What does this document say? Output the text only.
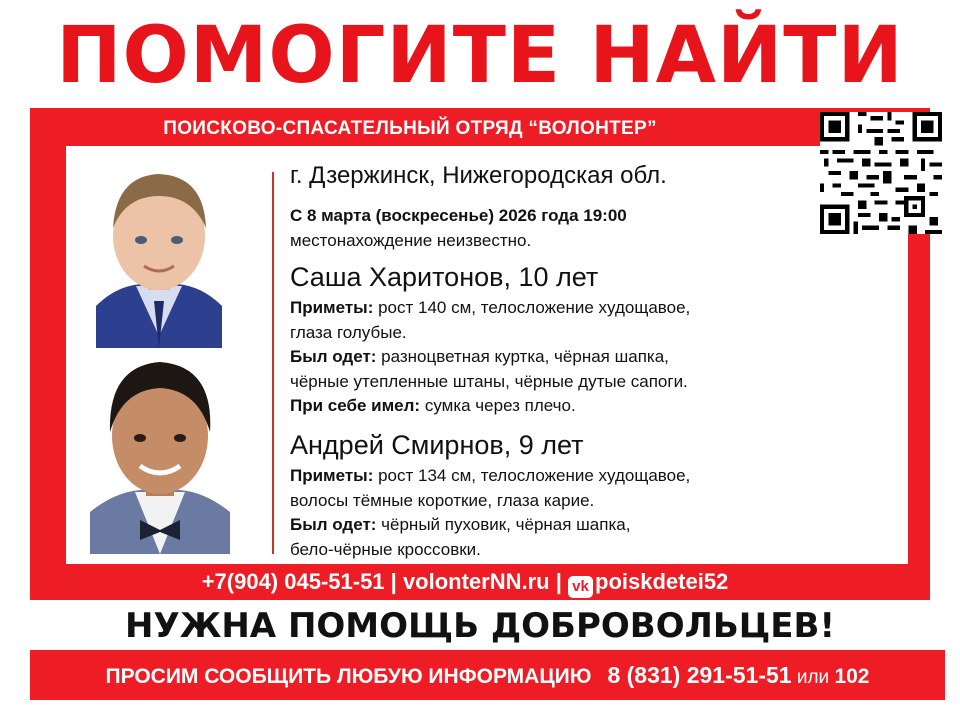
ПОМОГИТЕ НАЙТИ
ПОИСКОВО-СПАСАТЕЛЬНЫЙ ОТРЯД “ВОЛОНТЕР”
г. Дзержинск, Нижегородская обл.
С 8 марта (воскресенье) 2026 года 19:00
местонахождение неизвестно.
Саша Харитонов, 10 лет
Приметы: рост 140 см, телосложение худощавое,
глаза голубые.
Был одет: разноцветная куртка, чёрная шапка,
чёрные утепленные штаны, чёрные дутые сапоги.
При себе имел: сумка через плечо.
Андрей Смирнов, 9 лет
Приметы: рост 134 см, телосложение худощавое,
волосы тёмные короткие, глаза карие.
Был одет: чёрный пуховик, чёрная шапка,
бело-чёрные кроссовки.
+7(904) 045-51-51 | volonterNN.ru | vk poiskdetei52
НУЖНА ПОМОЩЬ ДОБРОВОЛЬЦЕВ!
ПРОСИМ СООБЩИТЬ ЛЮБУЮ ИНФОРМАЦИЮ 8 (831) 291-51-51 или 102
